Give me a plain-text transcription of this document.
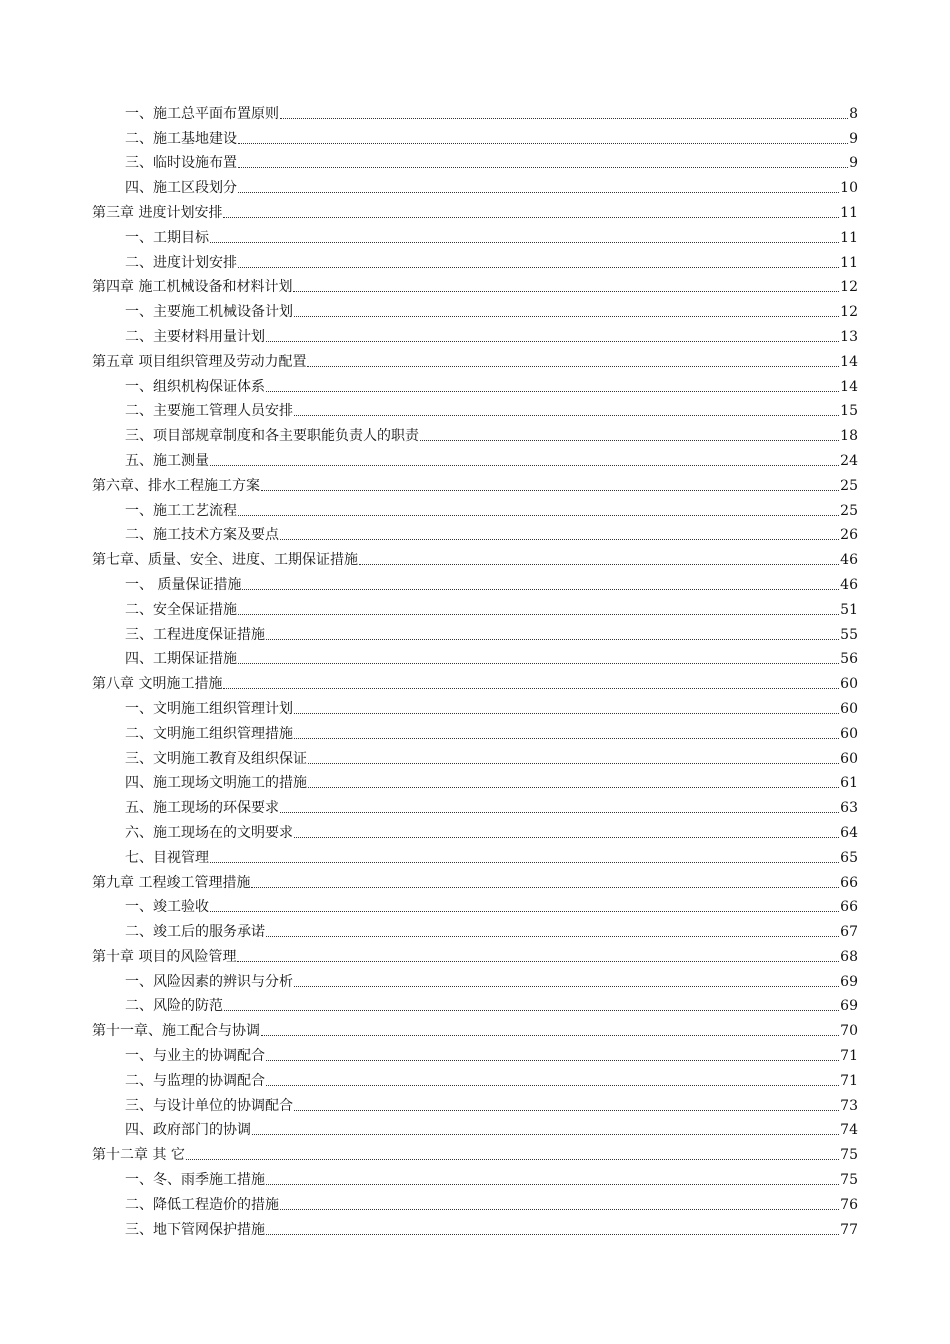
一、施工总平面布置原则	8
二、施工基地建设	9
三、临时设施布置	9
四、施工区段划分	10
第三章 进度计划安排	11
一、工期目标	11
二、进度计划安排	11
第四章 施工机械设备和材料计划	12
一、主要施工机械设备计划	12
二、主要材料用量计划	13
第五章 项目组织管理及劳动力配置	14
一、组织机构保证体系	14
二、主要施工管理人员安排	15
三、项目部规章制度和各主要职能负责人的职责	18
五、施工测量	24
第六章、排水工程施工方案	25
一、施工工艺流程	25
二、施工技术方案及要点	26
第七章、质量、安全、进度、工期保证措施	46
一、 质量保证措施	46
二、安全保证措施	51
三、工程进度保证措施	55
四、工期保证措施	56
第八章 文明施工措施	60
一、文明施工组织管理计划	60
二、文明施工组织管理措施	60
三、文明施工教育及组织保证	60
四、施工现场文明施工的措施	61
五、施工现场的环保要求	63
六、施工现场在的文明要求	64
七、目视管理	65
第九章 工程竣工管理措施	66
一、竣工验收	66
二、竣工后的服务承诺	67
第十章 项目的风险管理	68
一、风险因素的辨识与分析	69
二、风险的防范	69
第十一章、施工配合与协调	70
一、与业主的协调配合	71
二、与监理的协调配合	71
三、与设计单位的协调配合	73
四、政府部门的协调	74
第十二章 其 它	75
一、冬、雨季施工措施	75
二、降低工程造价的措施	76
三、地下管网保护措施	77
